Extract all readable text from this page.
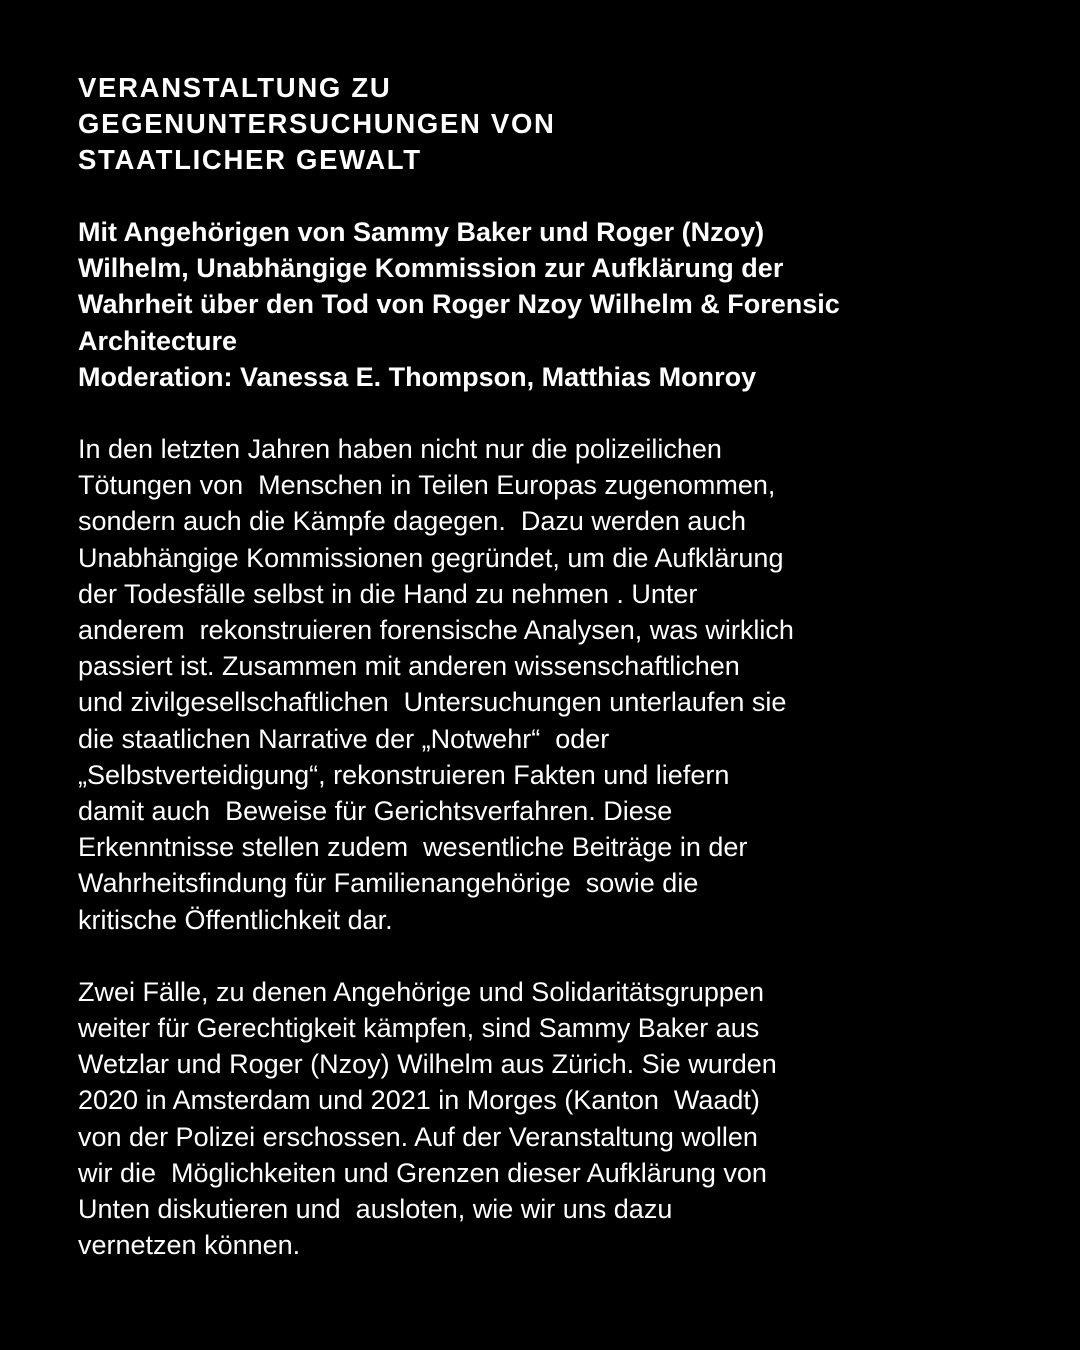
VERANSTALTUNG ZU
GEGENUNTERSUCHUNGEN VON
STAATLICHER GEWALT

Mit Angehörigen von Sammy Baker und Roger (Nzoy)
Wilhelm, Unabhängige Kommission zur Aufklärung der
Wahrheit über den Tod von Roger Nzoy Wilhelm & Forensic
Architecture
Moderation: Vanessa E. Thompson, Matthias Monroy

In den letzten Jahren haben nicht nur die polizeilichen
Tötungen von  Menschen in Teilen Europas zugenommen,
sondern auch die Kämpfe dagegen.  Dazu werden auch
Unabhängige Kommissionen gegründet, um die Aufklärung
der Todesfälle selbst in die Hand zu nehmen . Unter
anderem  rekonstruieren forensische Analysen, was wirklich
passiert ist. Zusammen mit anderen wissenschaftlichen
und zivilgesellschaftlichen  Untersuchungen unterlaufen sie
die staatlichen Narrative der „Notwehr“  oder
„Selbstverteidigung“, rekonstruieren Fakten und liefern
damit auch  Beweise für Gerichtsverfahren. Diese
Erkenntnisse stellen zudem  wesentliche Beiträge in der
Wahrheitsfindung für Familienangehörige  sowie die
kritische Öffentlichkeit dar.

Zwei Fälle, zu denen Angehörige und Solidaritätsgruppen
weiter für Gerechtigkeit kämpfen, sind Sammy Baker aus
Wetzlar und Roger (Nzoy) Wilhelm aus Zürich. Sie wurden
2020 in Amsterdam und 2021 in Morges (Kanton  Waadt)
von der Polizei erschossen. Auf der Veranstaltung wollen
wir die  Möglichkeiten und Grenzen dieser Aufklärung von
Unten diskutieren und  ausloten, wie wir uns dazu
vernetzen können.
